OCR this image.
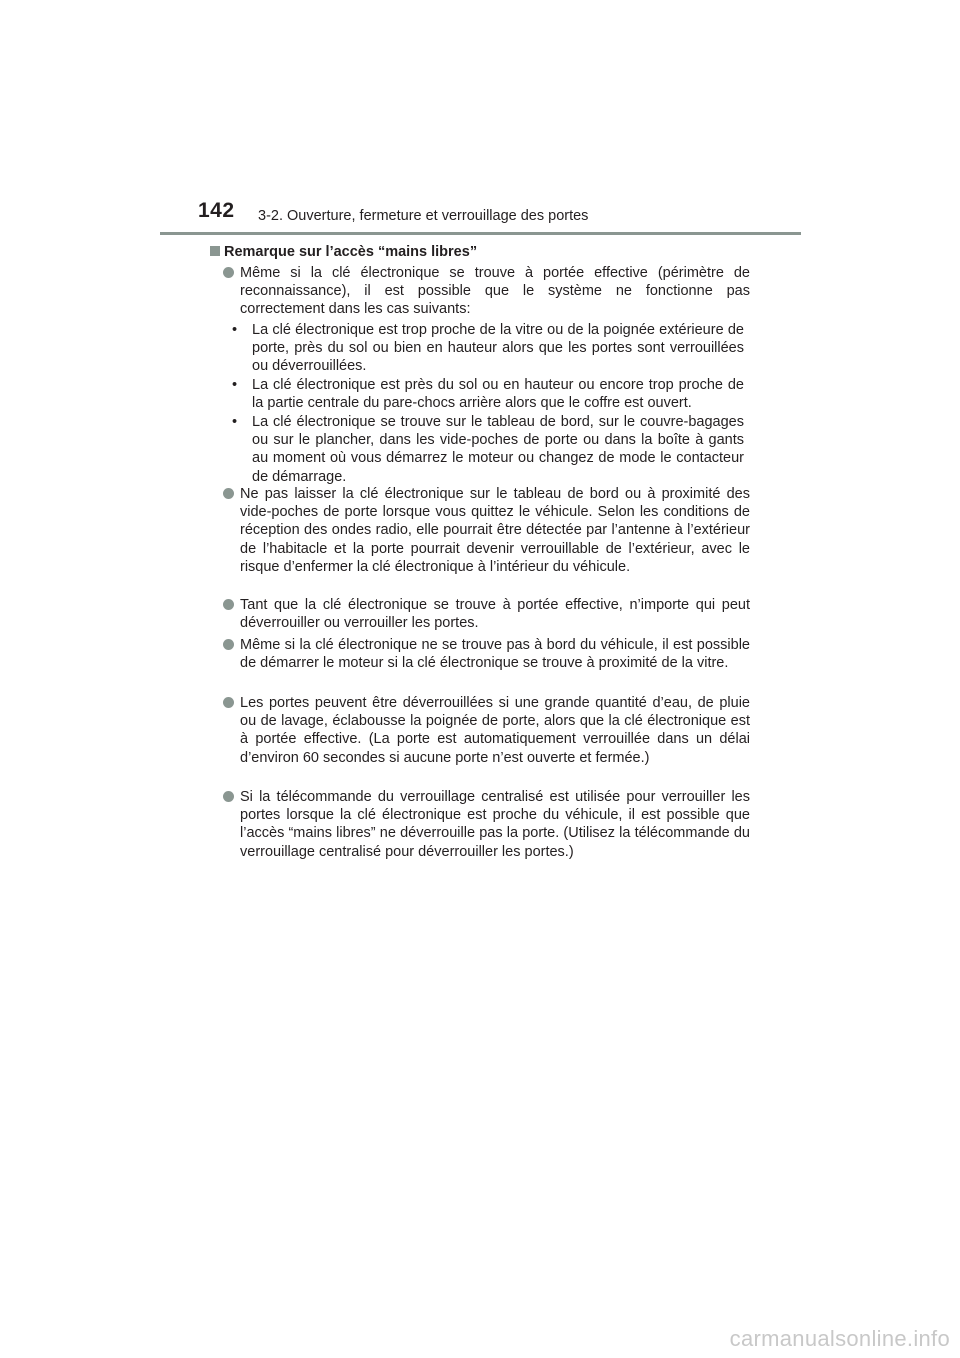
142 3-2. Ouverture, fermeture et verrouillage des portes
Remarque sur l’accès “mains libres”
Même si la clé électronique se trouve à portée effective (périmètre de reconnaissance), il est possible que le système ne fonctionne pas correctement dans les cas suivants:
• La clé électronique est trop proche de la vitre ou de la poignée extérieure de porte, près du sol ou bien en hauteur alors que les portes sont verrouillées ou déverrouillées.
• La clé électronique est près du sol ou en hauteur ou encore trop proche de la partie centrale du pare-chocs arrière alors que le coffre est ouvert.
• La clé électronique se trouve sur le tableau de bord, sur le couvre-bagages ou sur le plancher, dans les vide-poches de porte ou dans la boîte à gants au moment où vous démarrez le moteur ou changez de mode le contacteur de démarrage.
Ne pas laisser la clé électronique sur le tableau de bord ou à proximité des vide-poches de porte lorsque vous quittez le véhicule. Selon les conditions de réception des ondes radio, elle pourrait être détectée par l’antenne à l’extérieur de l’habitacle et la porte pourrait devenir verrouillable de l’extérieur, avec le risque d’enfermer la clé électronique à l’intérieur du véhicule.
Tant que la clé électronique se trouve à portée effective, n’importe qui peut déverrouiller ou verrouiller les portes.
Même si la clé électronique ne se trouve pas à bord du véhicule, il est possible de démarrer le moteur si la clé électronique se trouve à proximité de la vitre.
Les portes peuvent être déverrouillées si une grande quantité d’eau, de pluie ou de lavage, éclabousse la poignée de porte, alors que la clé électronique est à portée effective. (La porte est automatiquement verrouillée dans un délai d’environ 60 secondes si aucune porte n’est ouverte et fermée.)
Si la télécommande du verrouillage centralisé est utilisée pour verrouiller les portes lorsque la clé électronique est proche du véhicule, il est possible que l’accès “mains libres” ne déverrouille pas la porte. (Utilisez la télécommande du verrouillage centralisé pour déverrouiller les portes.)
carmanualsonline.info
